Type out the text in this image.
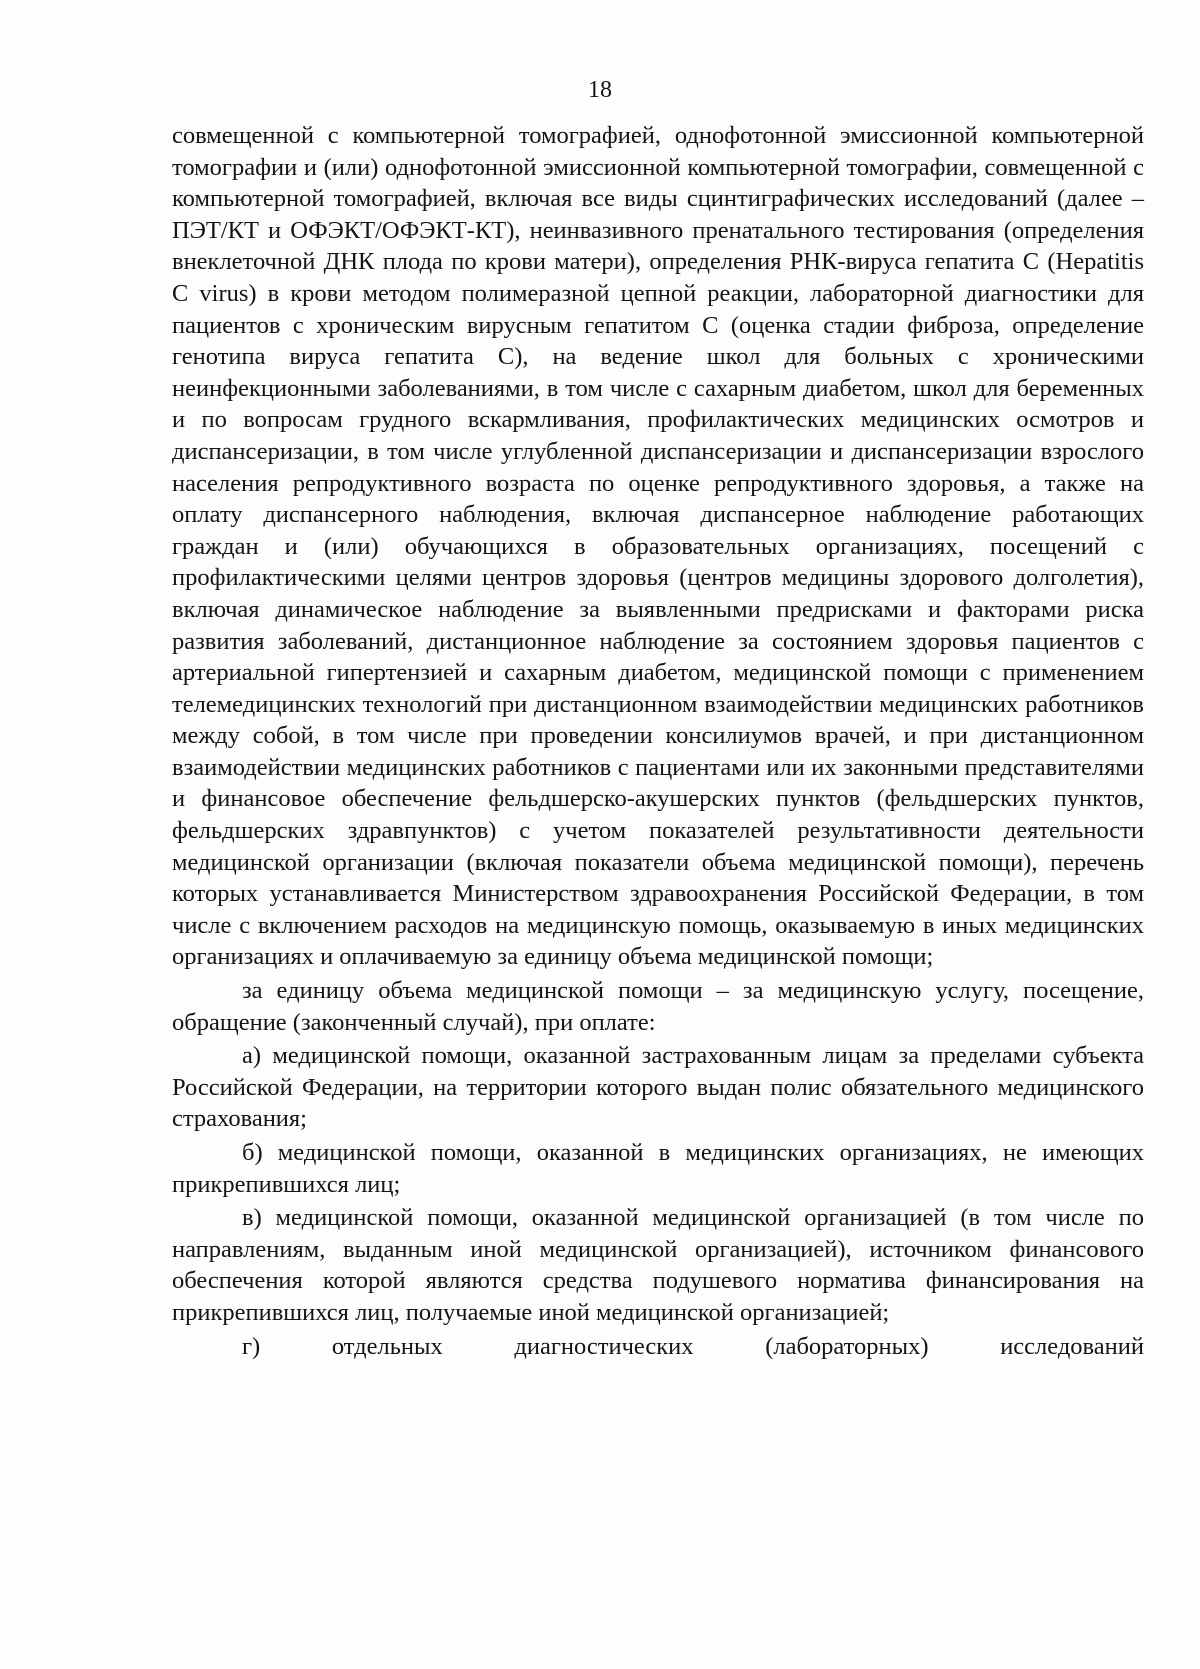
18

совмещенной с компьютерной томографией, однофотонной эмиссионной компьютерной томографии и (или) однофотонной эмиссионной компьютерной томографии, совмещенной с компьютерной томографией, включая все виды сцинтиграфических исследований (далее – ПЭТ/КТ и ОФЭКТ/ОФЭКТ-КТ), неинвазивного пренатального тестирования (определения внеклеточной ДНК плода по крови матери), определения РНК-вируса гепатита С (Hepatitis C virus) в крови методом полимеразной цепной реакции, лабораторной диагностики для пациентов с хроническим вирусным гепатитом С (оценка стадии фиброза, определение генотипа вируса гепатита С), на ведение школ для больных с хроническими неинфекционными заболеваниями, в том числе с сахарным диабетом, школ для беременных и по вопросам грудного вскармливания, профилактических медицинских осмотров и диспансеризации, в том числе углубленной диспансеризации и диспансеризации взрослого населения репродуктивного возраста по оценке репродуктивного здоровья, а также на оплату диспансерного наблюдения, включая диспансерное наблюдение работающих граждан и (или) обучающихся в образовательных организациях, посещений с профилактическими целями центров здоровья (центров медицины здорового долголетия), включая динамическое наблюдение за выявленными предрисками и факторами риска развития заболеваний, дистанционное наблюдение за состоянием здоровья пациентов с артериальной гипертензией и сахарным диабетом, медицинской помощи с применением телемедицинских технологий при дистанционном взаимодействии медицинских работников между собой, в том числе при проведении консилиумов врачей, и при дистанционном взаимодействии медицинских работников с пациентами или их законными представителями и финансовое обеспечение фельдшерско-акушерских пунктов (фельдшерских пунктов, фельдшерских здравпунктов) с учетом показателей результативности деятельности медицинской организации (включая показатели объема медицинской помощи), перечень которых устанавливается Министерством здравоохранения Российской Федерации, в том числе с включением расходов на медицинскую помощь, оказываемую в иных медицинских организациях и оплачиваемую за единицу объема медицинской помощи;

за единицу объема медицинской помощи – за медицинскую услугу, посещение, обращение (законченный случай), при оплате:

а) медицинской помощи, оказанной застрахованным лицам за пределами субъекта Российской Федерации, на территории которого выдан полис обязательного медицинского страхования;

б) медицинской помощи, оказанной в медицинских организациях, не имеющих прикрепившихся лиц;

в) медицинской помощи, оказанной медицинской организацией (в том числе по направлениям, выданным иной медицинской организацией), источником финансового обеспечения которой являются средства подушевого норматива финансирования на прикрепившихся лиц, получаемые иной медицинской организацией;

г) отдельных диагностических (лабораторных) исследований
